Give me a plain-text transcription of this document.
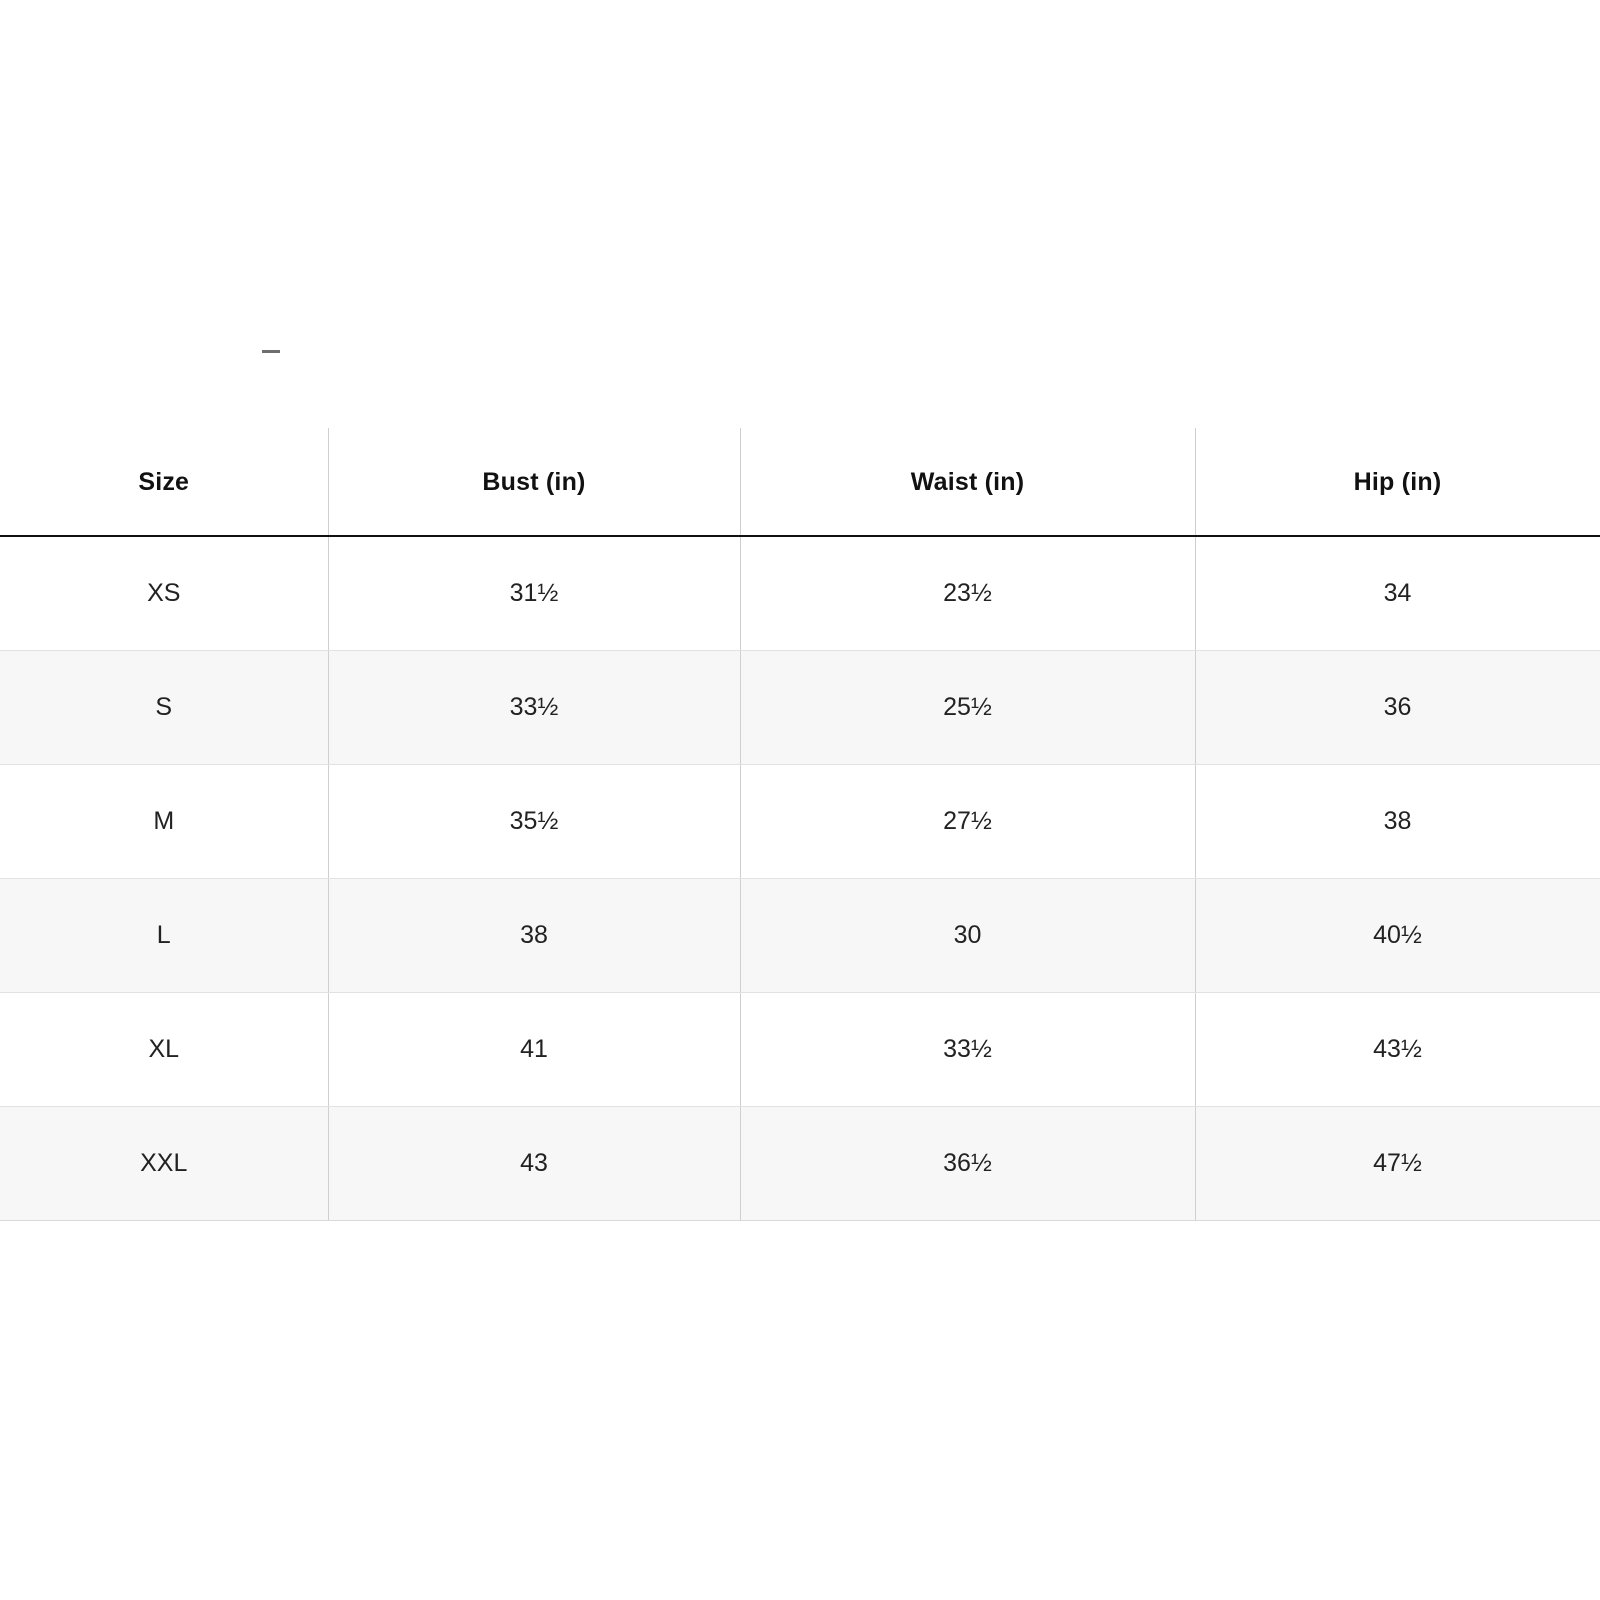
Size	Bust (in)	Waist (in)	Hip (in)
XS	31½	23½	34
S	33½	25½	36
M	35½	27½	38
L	38	30	40½
XL	41	33½	43½
XXL	43	36½	47½
